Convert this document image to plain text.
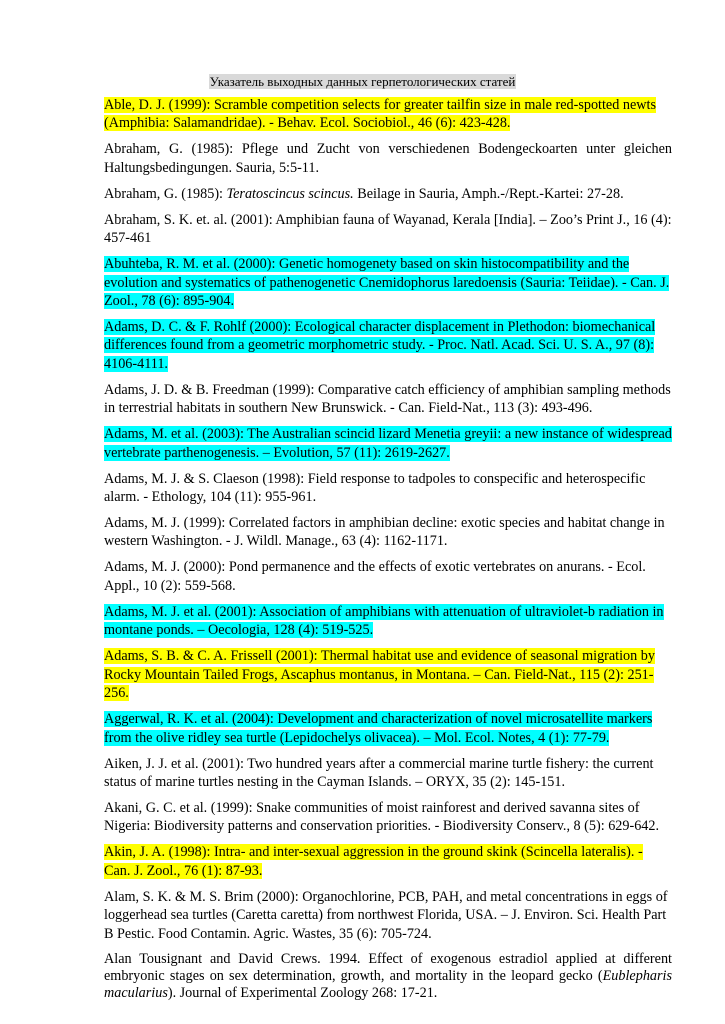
Указатель выходных данных герпетологических статей
Able, D. J. (1999): Scramble competition selects for greater tailfin size in male red-spotted newts (Amphibia: Salamandridae). - Behav. Ecol. Sociobiol., 46 (6): 423-428.
Abraham, G. (1985): Pflege und Zucht von verschiedenen Bodengeckoarten unter gleichen Haltungsbedingungen. Sauria, 5:5-11.
Abraham, G. (1985): Teratoscincus scincus. Beilage in Sauria, Amph.-/Rept.-Kartei: 27-28.
Abraham, S. K. et. al. (2001): Amphibian fauna of Wayanad, Kerala [India]. – Zoo’s Print J., 16 (4): 457-461
Abuhteba, R. M. et al. (2000): Genetic homogenety based on skin histocompatibility and the evolution and systematics of pathenogenetic Cnemidophorus laredoensis (Sauria: Teiidae). - Can. J. Zool., 78 (6): 895-904.
Adams, D. C. & F. Rohlf (2000): Ecological character displacement in Plethodon: biomechanical differences found from a geometric morphometric study. - Proc. Natl. Acad. Sci. U. S. A., 97 (8): 4106-4111.
Adams, J. D. & B. Freedman (1999): Comparative catch efficiency of amphibian sampling methods in terrestrial habitats in southern New Brunswick. - Can. Field-Nat., 113 (3): 493-496.
Adams, M. et al. (2003): The Australian scincid lizard Menetia greyii: a new instance of widespread vertebrate parthenogenesis. – Evolution, 57 (11): 2619-2627.
Adams, M. J. & S. Claeson (1998): Field response to tadpoles to conspecific and heterospecific alarm. - Ethology, 104 (11): 955-961.
Adams, M. J. (1999): Correlated factors in amphibian decline: exotic species and habitat change in western Washington. - J. Wildl. Manage., 63 (4): 1162-1171.
Adams, M. J. (2000): Pond permanence and the effects of exotic vertebrates on anurans. - Ecol. Appl., 10 (2): 559-568.
Adams, M. J. et al. (2001): Association of amphibians with attenuation of ultraviolet-b radiation in montane ponds. – Oecologia, 128 (4): 519-525.
Adams, S. B. & C. A. Frissell (2001): Thermal habitat use and evidence of seasonal migration by Rocky Mountain Tailed Frogs, Ascaphus montanus, in Montana. – Can. Field-Nat., 115 (2): 251-256.
Aggerwal, R. K. et al. (2004): Development and characterization of novel microsatellite markers from the olive ridley sea turtle (Lepidochelys olivacea). – Mol. Ecol. Notes, 4 (1): 77-79.
Aiken, J. J. et al. (2001): Two hundred years after a commercial marine turtle fishery: the current status of marine turtles nesting in the Cayman Islands. – ORYX, 35 (2): 145-151.
Akani, G. C. et al. (1999): Snake communities of moist rainforest and derived savanna sites of Nigeria: Biodiversity patterns and conservation priorities. - Biodiversity Conserv., 8 (5): 629-642.
Akin, J. A. (1998): Intra- and inter-sexual aggression in the ground skink (Scincella lateralis). - Can. J. Zool., 76 (1): 87-93.
Alam, S. K. & M. S. Brim (2000): Organochlorine, PCB, PAH, and metal concentrations in eggs of loggerhead sea turtles (Caretta caretta) from northwest Florida, USA. – J. Environ. Sci. Health Part B Pestic. Food Contamin. Agric. Wastes, 35 (6): 705-724.
Alan Tousignant and David Crews. 1994. Effect of exogenous estradiol applied at different embryonic stages on sex determination, growth, and mortality in the leopard gecko (Eublepharis macularius). Journal of Experimental Zoology 268: 17-21.
